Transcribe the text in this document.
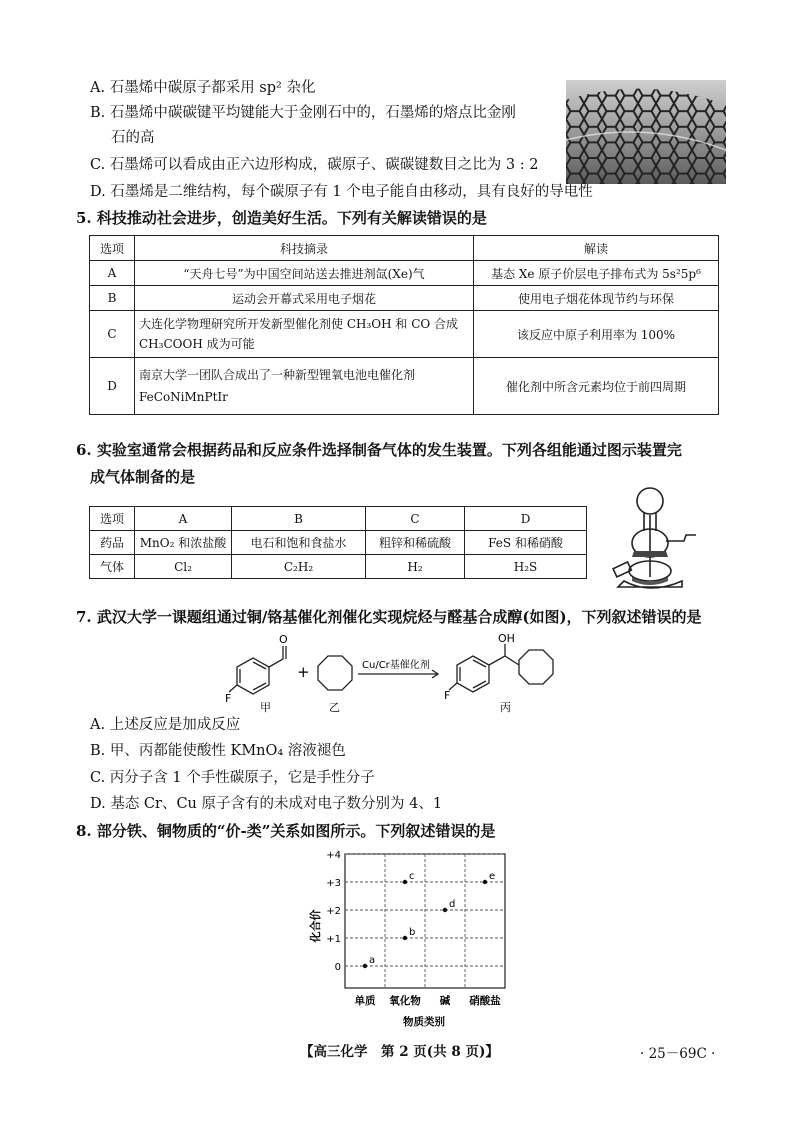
A. 石墨烯中碳原子都采用 sp² 杂化
B. 石墨烯中碳碳键平均键能大于金刚石中的，石墨烯的熔点比金刚
石的高
C. 石墨烯可以看成由正六边形构成，碳原子、碳碳键数目之比为 3 : 2
D. 石墨烯是二维结构，每个碳原子有 1 个电子能自由移动，具有良好的导电性
5. 科技推动社会进步，创造美好生活。下列有关解读错误的是
选项	科技摘录	解读
A	“天舟七号”为中国空间站送去推进剂氙(Xe)气	基态 Xe 原子价层电子排布式为 5s²5p⁶
B	运动会开幕式采用电子烟花	使用电子烟花体现节约与环保
C	大连化学物理研究所开发新型催化剂使 CH₃OH 和 CO 合成 CH₃COOH 成为可能	该反应中原子利用率为 100%
D	南京大学一团队合成出了一种新型锂氧电池电催化剂 FeCoNiMnPtIr	催化剂中所含元素均位于前四周期
6. 实验室通常会根据药品和反应条件选择制备气体的发生装置。下列各组能通过图示装置完
成气体制备的是
选项	A	B	C	D
药品	MnO₂ 和浓盐酸	电石和饱和食盐水	粗锌和稀硫酸	FeS 和稀硝酸
气体	Cl₂	C₂H₂	H₂	H₂S
7. 武汉大学一课题组通过铜/铬基催化剂催化实现烷烃与醛基合成醇(如图)，下列叙述错误的是
O
F
+	Cu/Cr基催化剂
OH
F
甲	乙	丙
A. 上述反应是加成反应
B. 甲、丙都能使酸性 KMnO₄ 溶液褪色
C. 丙分子含 1 个手性碳原子，它是手性分子
D. 基态 Cr、Cu 原子含有的未成对电子数分别为 4、1
8. 部分铁、铜物质的“价-类”关系如图所示。下列叙述错误的是
化合价
物质类别
+4
+3
+2
+1
0
单质 氧化物 碱 硝酸盐
a
b
c
d
e
【高三化学　第 2 页(共 8 页)】	· 25－69C ·
